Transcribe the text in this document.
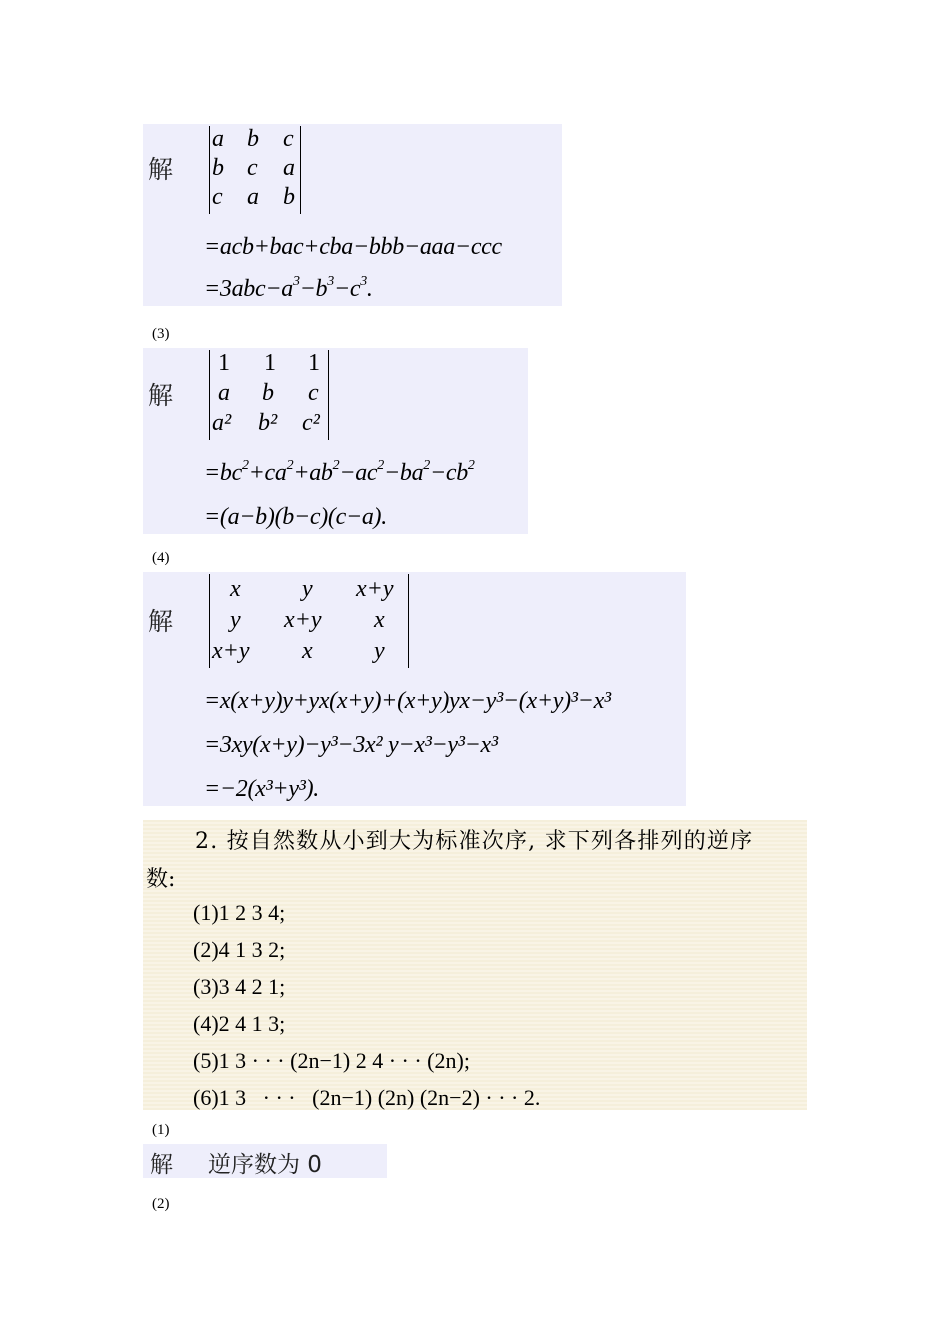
解
a b c
b c a
c a b
=acb+bac+cba−bbb−aaa−ccc
$=3abc-a^3-b^3-c^3$.
(3)
解
1 1 1
a b c
a² b² c²
$=bc^2+ca^2+ab^2-ac^2-ba^2-cb^2$
=(a−b)(b−c)(c−a).
(4)
解
x	y x+y
y x+y x
x+y x	y
=x(x+y)y+yx(x+y)+(x+y)yx−y³−(x+y)³−x³
=3xy(x+y)−y³−3x² y−x³−y³−x³
=−2(x³+y³).
2. 按自然数从小到大为标准次序, 求下列各排列的逆序
数:
(1)1 2 3 4;
(2)4 1 3 2;
(3)3 4 2 1;
(4)2 4 1 3;
(5)1 3 · · · (2n−1) 2 4 · · · (2n);
(6)1 3   · · ·   (2n−1) (2n) (2n−2) · · · 2.
(1)
解 逆序数为 0
(2)
